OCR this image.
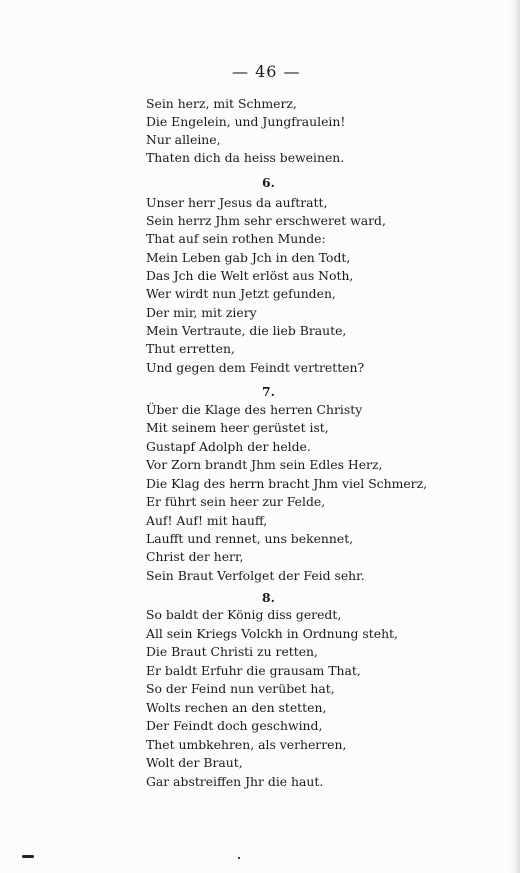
— 46 —
Sein herz, mit Schmerz,
Die Engelein, und Jungfraulein!
Nur alleine,
Thaten dich da heiss beweinen.
6.
Unser herr Jesus da auftratt,
Sein herrz Jhm sehr erschweret ward,
That auf sein rothen Munde:
Mein Leben gab Jch in den Todt,
Das Jch die Welt erlöst aus Noth,
Wer wirdt nun Jetzt gefunden,
Der mir, mit ziery
Mein Vertraute, die lieb Braute,
Thut erretten,
Und gegen dem Feindt vertretten?
7.
Über die Klage des herren Christy
Mit seinem heer gerüstet ist,
Gustapf Adolph der helde.
Vor Zorn brandt Jhm sein Edles Herz,
Die Klag des herrn bracht Jhm viel Schmerz,
Er führt sein heer zur Felde,
Auf! Auf! mit hauff,
Laufft und rennet, uns bekennet,
Christ der herr,
Sein Braut Verfolget der Feid sehr.
8.
So baldt der König diss geredt,
All sein Kriegs Volckh in Ordnung steht,
Die Braut Christi zu retten,
Er baldt Erfuhr die grausam That,
So der Feind nun verübet hat,
Wolts rechen an den stetten,
Der Feindt doch geschwind,
Thet umbkehren, als verherren,
Wolt der Braut,
Gar abstreiffen Jhr die haut.
